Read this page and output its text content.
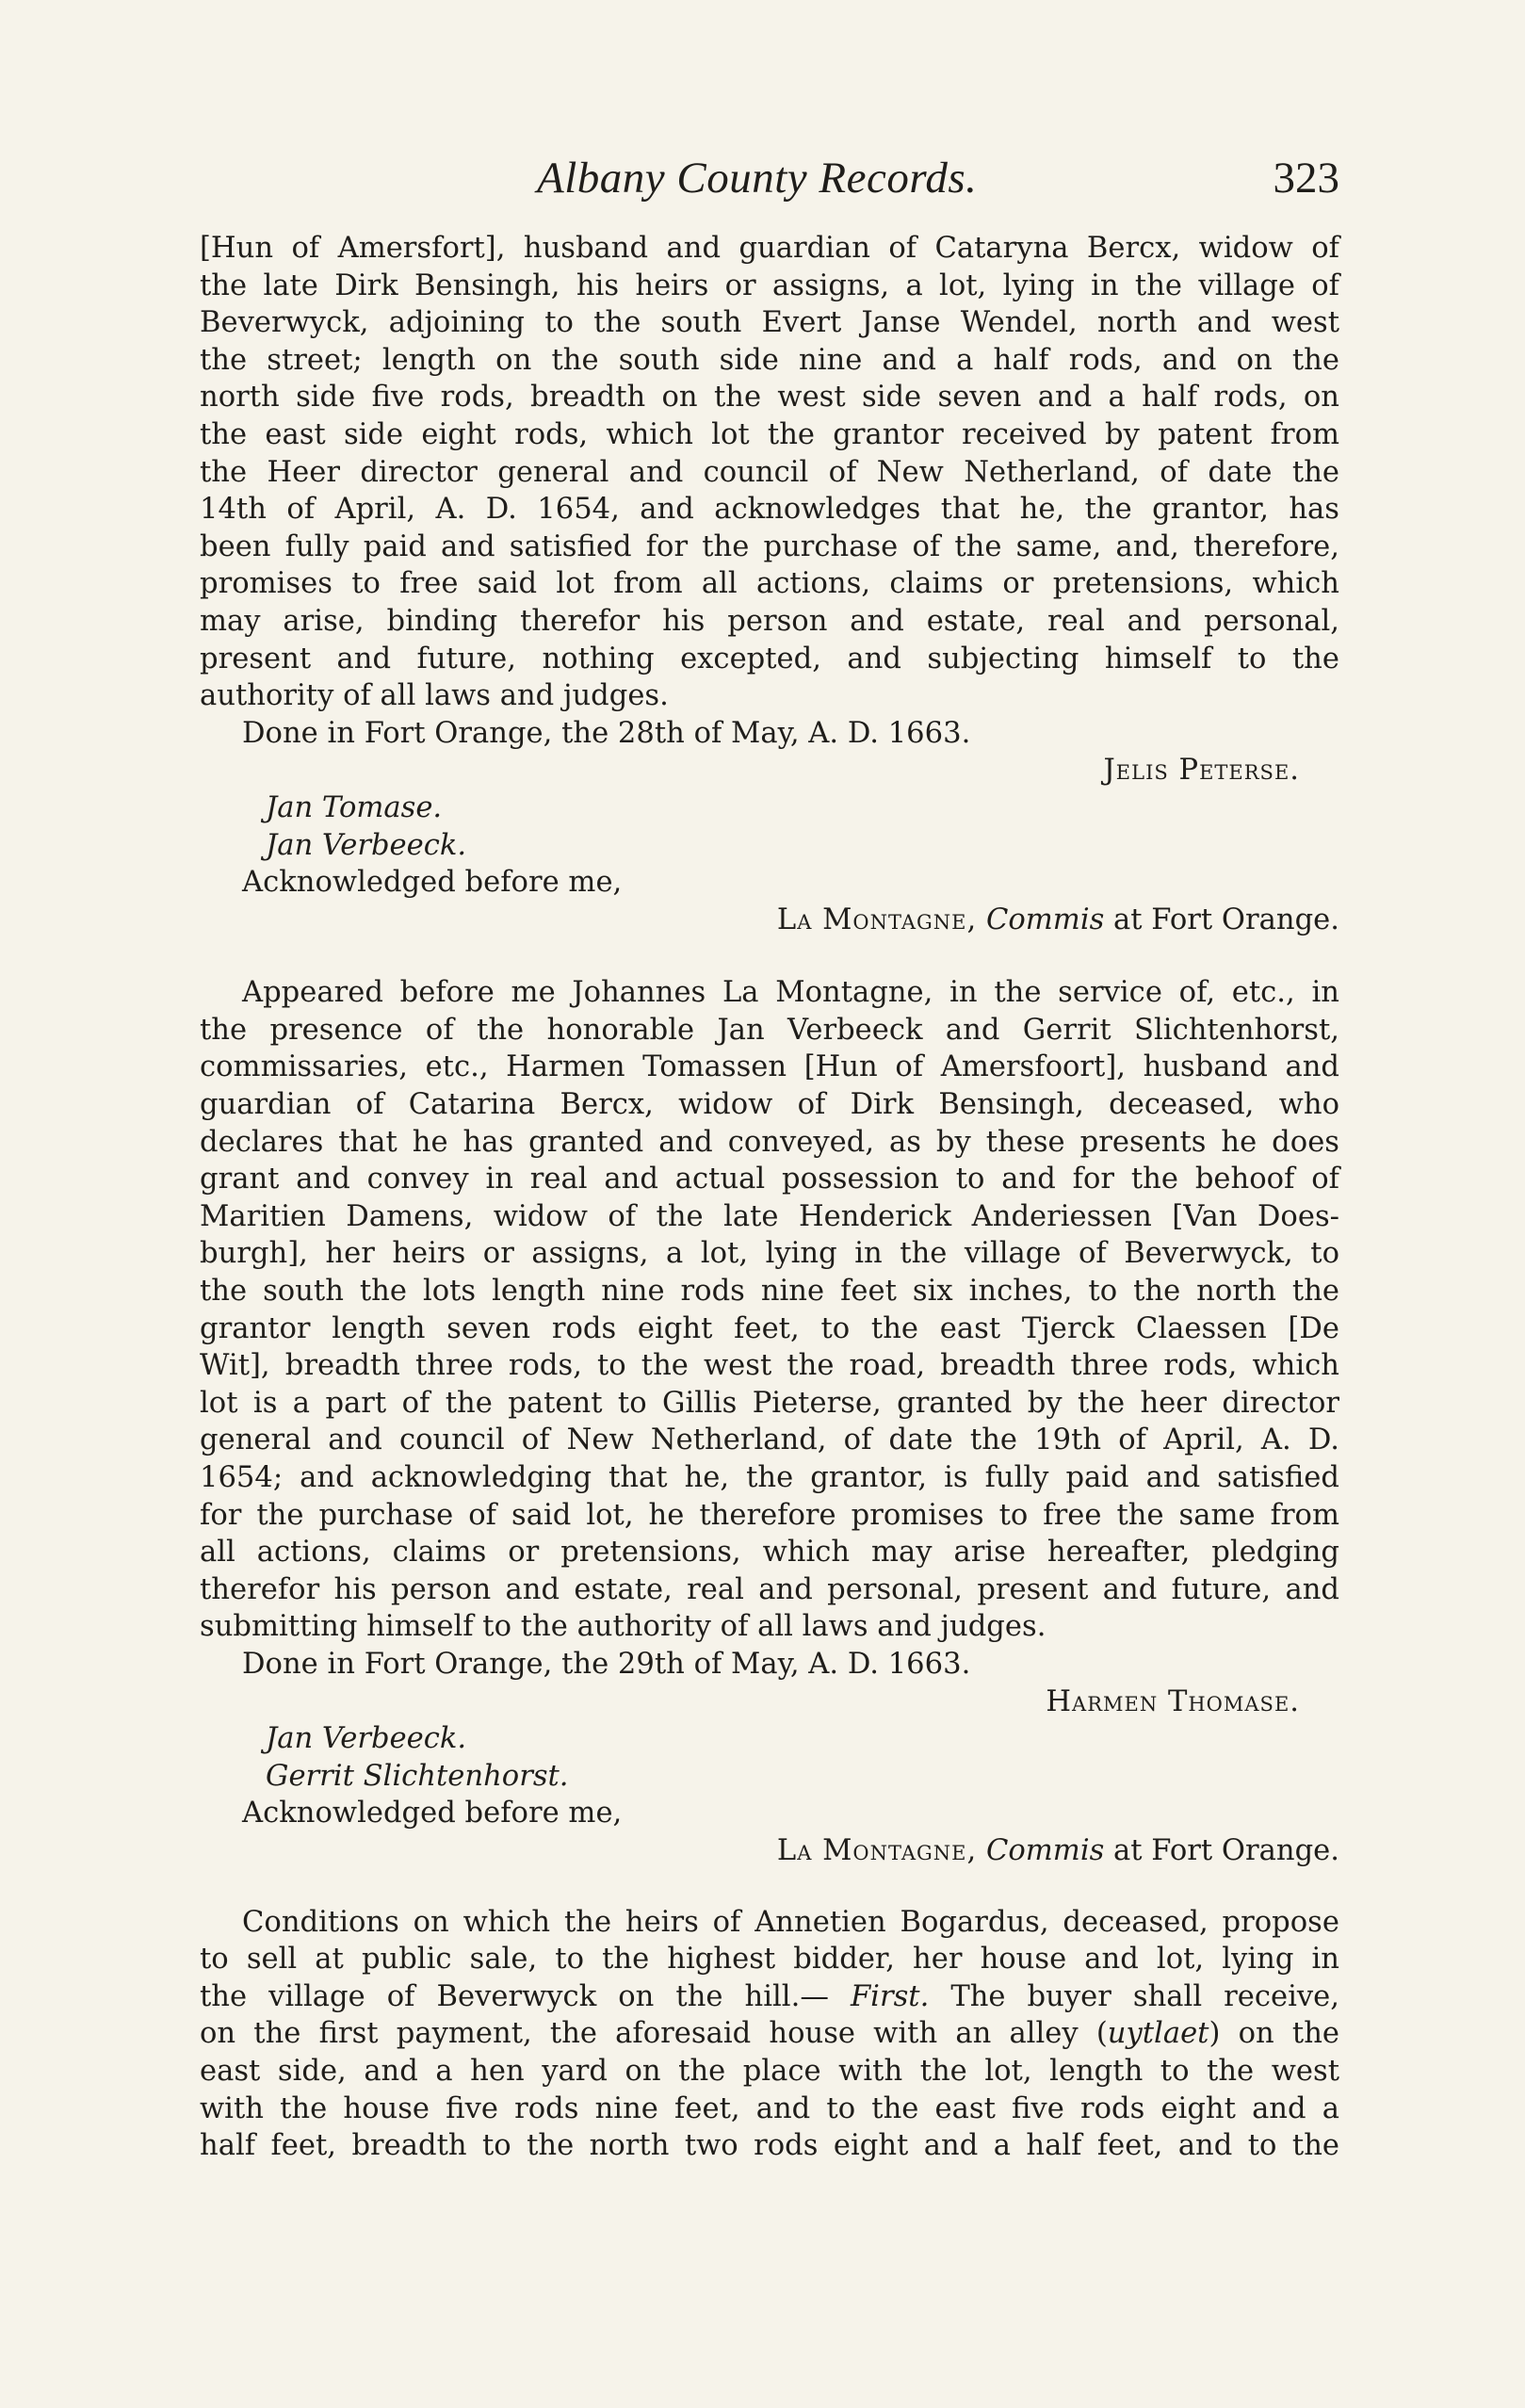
Albany County Records.	323
[Hun of Amersfort], husband and guardian of Cataryna Bercx, widow of
the late Dirk Bensingh, his heirs or assigns, a lot, lying in the village of
Beverwyck, adjoining to the south Evert Janse Wendel, north and west
the street; length on the south side nine and a half rods, and on the
north side five rods, breadth on the west side seven and a half rods, on
the east side eight rods, which lot the grantor received by patent from
the Heer director general and council of New Netherland, of date the
14th of April, A. D. 1654, and acknowledges that he, the grantor, has
been fully paid and satisfied for the purchase of the same, and, therefore,
promises to free said lot from all actions, claims or pretensions, which
may arise, binding therefor his person and estate, real and personal,
present and future, nothing excepted, and subjecting himself to the
authority of all laws and judges.
Done in Fort Orange, the 28th of May, A. D. 1663.
Jelis Peterse.
Jan Tomase.
Jan Verbeeck.
Acknowledged before me,
La Montagne, Commis at Fort Orange.
Appeared before me Johannes La Montagne, in the service of, etc., in
the presence of the honorable Jan Verbeeck and Gerrit Slichtenhorst,
commissaries, etc., Harmen Tomassen [Hun of Amersfoort], husband and
guardian of Catarina Bercx, widow of Dirk Bensingh, deceased, who
declares that he has granted and conveyed, as by these presents he does
grant and convey in real and actual possession to and for the behoof of
Maritien Damens, widow of the late Henderick Anderiessen [Van Does-
burgh], her heirs or assigns, a lot, lying in the village of Beverwyck, to
the south the lots length nine rods nine feet six inches, to the north the
grantor length seven rods eight feet, to the east Tjerck Claessen [De
Wit], breadth three rods, to the west the road, breadth three rods, which
lot is a part of the patent to Gillis Pieterse, granted by the heer director
general and council of New Netherland, of date the 19th of April, A. D.
1654; and acknowledging that he, the grantor, is fully paid and satisfied
for the purchase of said lot, he therefore promises to free the same from
all actions, claims or pretensions, which may arise hereafter, pledging
therefor his person and estate, real and personal, present and future, and
submitting himself to the authority of all laws and judges.
Done in Fort Orange, the 29th of May, A. D. 1663.
Harmen Thomase.
Jan Verbeeck.
Gerrit Slichtenhorst.
Acknowledged before me,
La Montagne, Commis at Fort Orange.
Conditions on which the heirs of Annetien Bogardus, deceased, propose
to sell at public sale, to the highest bidder, her house and lot, lying in
the village of Beverwyck on the hill.— First. The buyer shall receive,
on the first payment, the aforesaid house with an alley (uytlaet) on the
east side, and a hen yard on the place with the lot, length to the west
with the house five rods nine feet, and to the east five rods eight and a
half feet, breadth to the north two rods eight and a half feet, and to the
